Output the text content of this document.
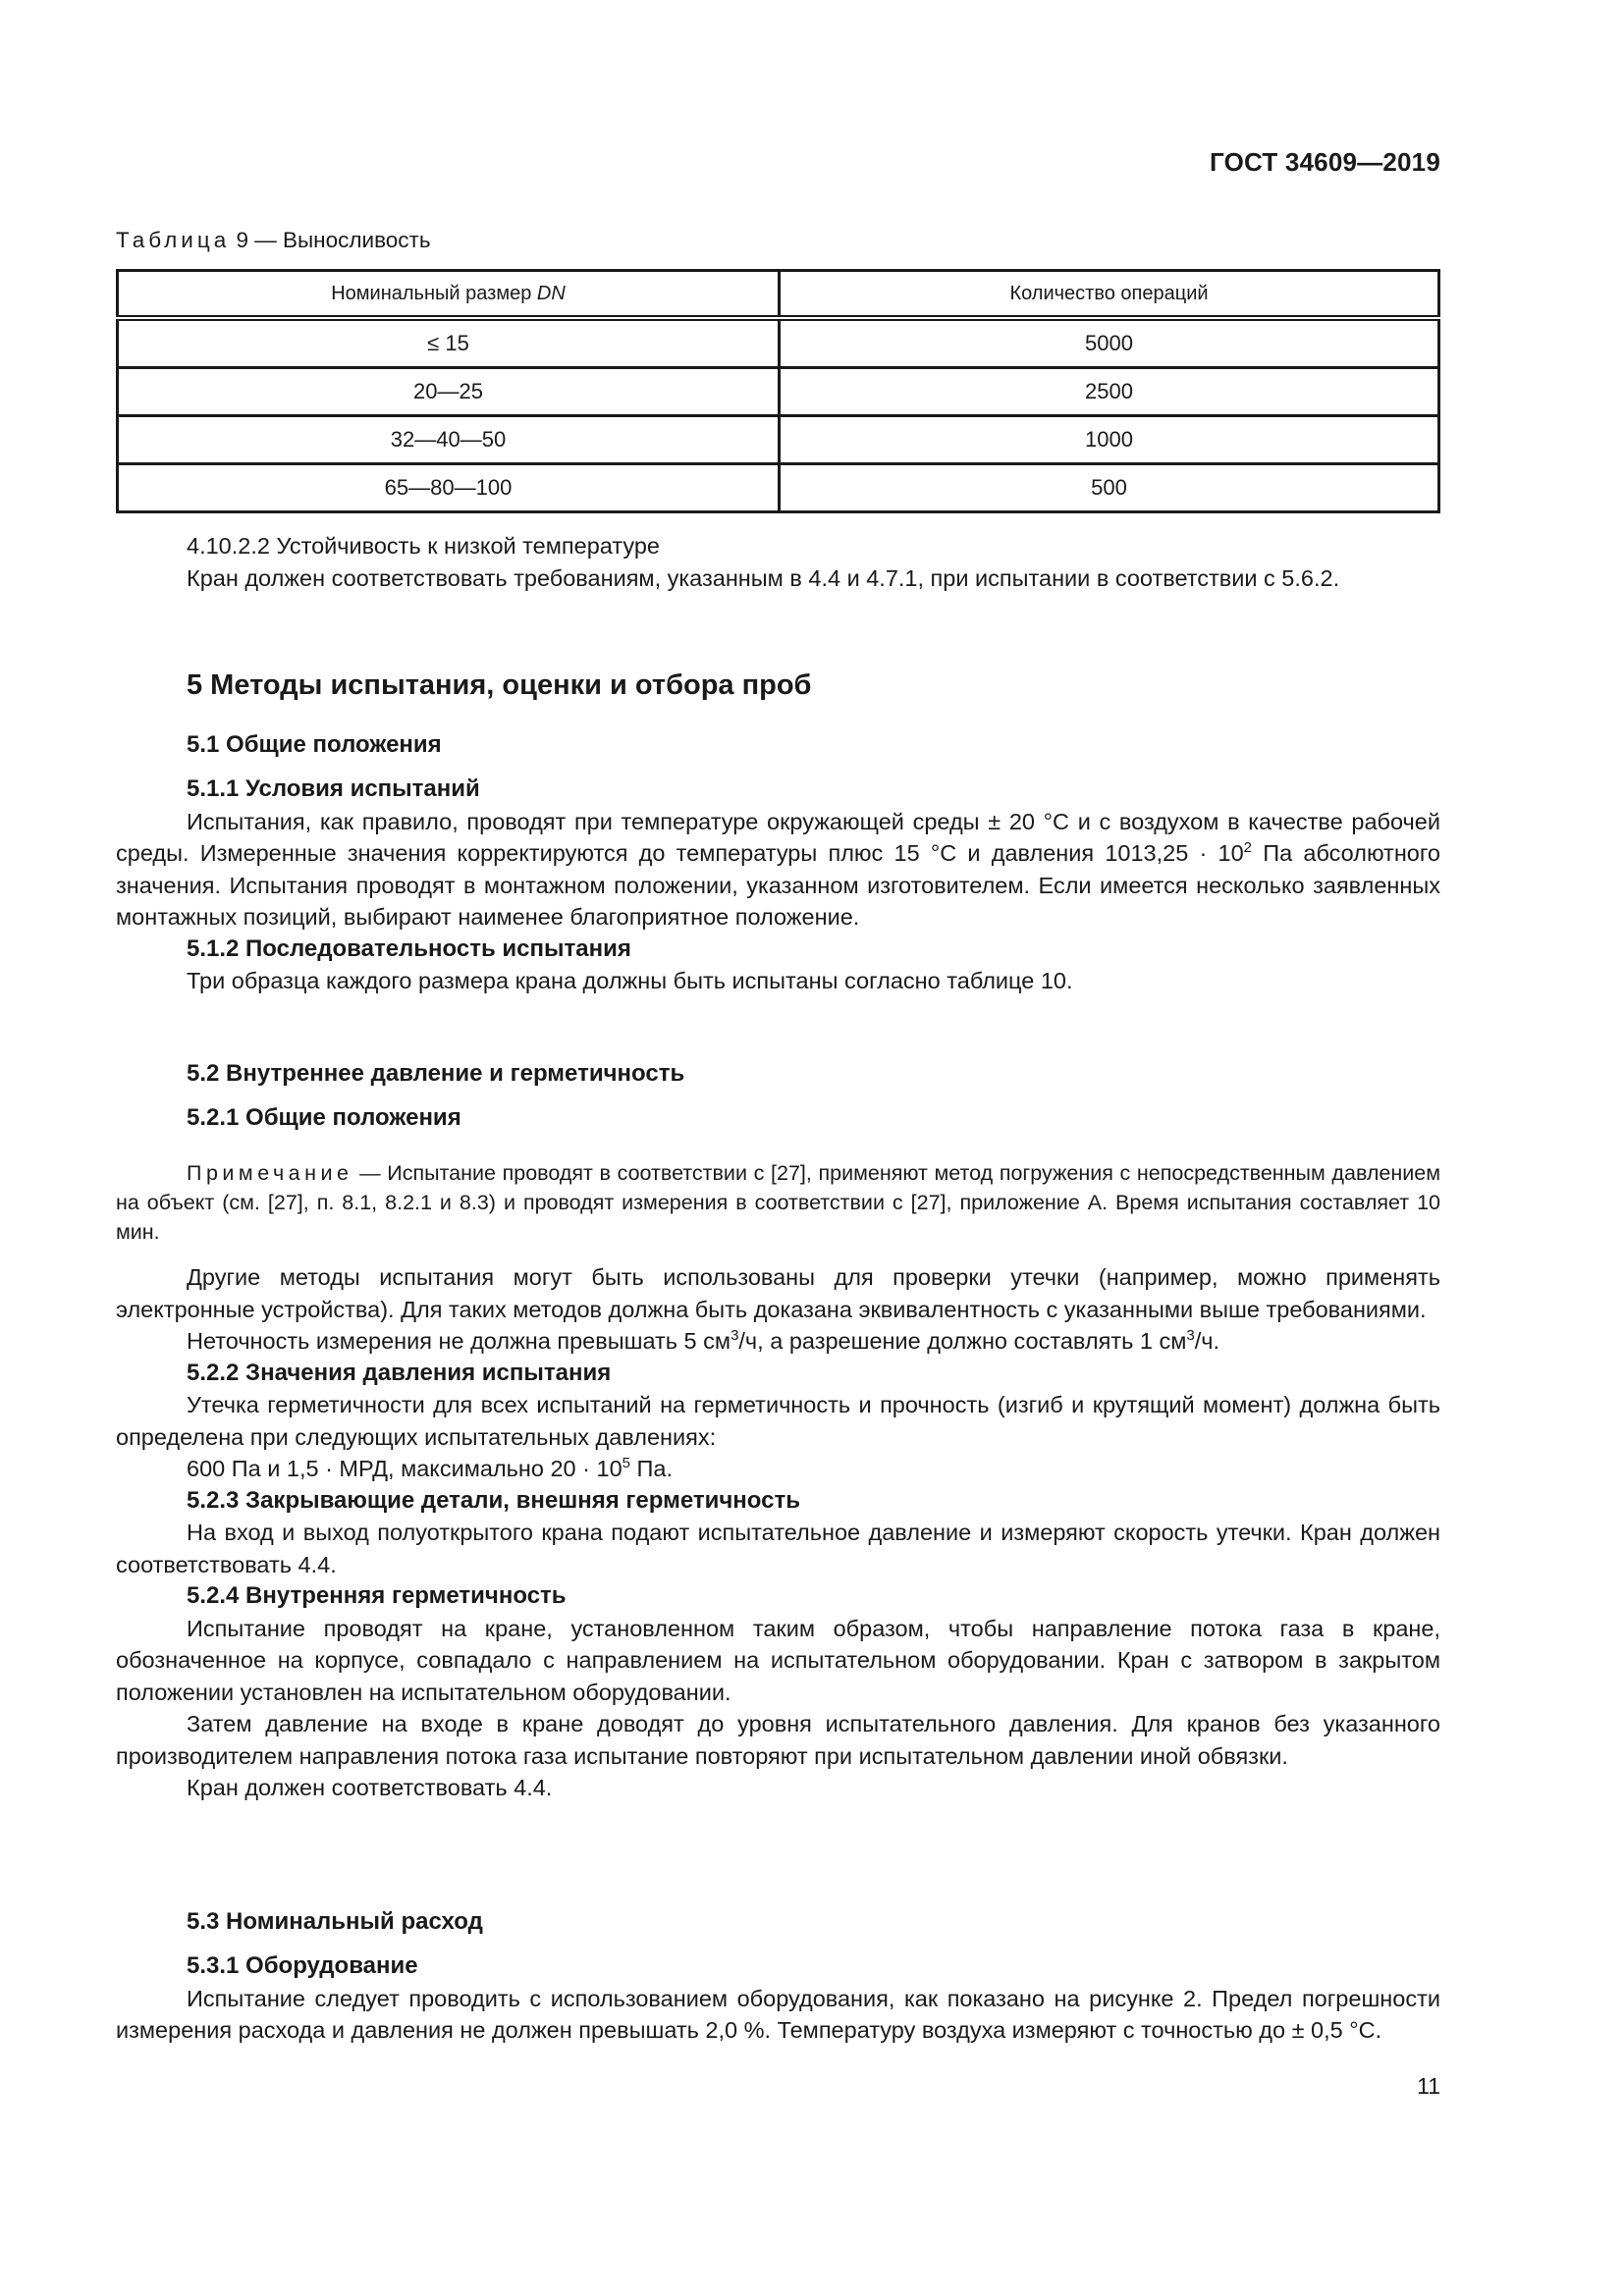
ГОСТ 34609—2019
Таблица 9 — Выносливость
Номинальный размер DN	Количество операций
≤ 15	5000
20—25	2500
32—40—50	1000
65—80—100	500

4.10.2.2 Устойчивость к низкой температуре

Кран должен соответствовать требованиям, указанным в 4.4 и 4.7.1, при испытании в соответствии с 5.6.2.

5 Методы испытания, оценки и отбора проб

5.1 Общие положения

5.1.1 Условия испытаний

Испытания, как правило, проводят при температуре окружающей среды ± 20 °С и с воздухом в качестве рабочей среды. Измеренные значения корректируются до температуры плюс 15 °С и давления $1013,25 \cdot 10^2$ Па абсолютного значения. Испытания проводят в монтажном положении, указанном изготовителем. Если имеется несколько заявленных монтажных позиций, выбирают наименее благоприятное положение.

5.1.2 Последовательность испытания

Три образца каждого размера крана должны быть испытаны согласно таблице 10.

5.2 Внутреннее давление и герметичность

5.2.1 Общие положения

Примечание — Испытание проводят в соответствии с [27], применяют метод погружения с непосредственным давлением на объект (см. [27], п. 8.1, 8.2.1 и 8.3) и проводят измерения в соответствии с [27], приложение А. Время испытания составляет 10 мин.

Другие методы испытания могут быть использованы для проверки утечки (например, можно применять электронные устройства). Для таких методов должна быть доказана эквивалентность с указанными выше требованиями.

Неточность измерения не должна превышать 5 $см^3/ч$, а разрешение должно составлять 1 $см^3/ч$.

5.2.2 Значения давления испытания

Утечка герметичности для всех испытаний на герметичность и прочность (изгиб и крутящий момент) должна быть определена при следующих испытательных давлениях:

600 Па и 1,5 · МРД, максимально $20 \cdot 10^5$ Па.

5.2.3 Закрывающие детали, внешняя герметичность

На вход и выход полуоткрытого крана подают испытательное давление и измеряют скорость утечки. Кран должен соответствовать 4.4.

5.2.4 Внутренняя герметичность

Испытание проводят на кране, установленном таким образом, чтобы направление потока газа в кране, обозначенное на корпусе, совпадало с направлением на испытательном оборудовании. Кран с затвором в закрытом положении установлен на испытательном оборудовании.

Затем давление на входе в кране доводят до уровня испытательного давления. Для кранов без указанного производителем направления потока газа испытание повторяют при испытательном давлении иной обвязки.

Кран должен соответствовать 4.4.

5.3 Номинальный расход

5.3.1 Оборудование

Испытание следует проводить с использованием оборудования, как показано на рисунке 2. Предел погрешности измерения расхода и давления не должен превышать 2,0 %. Температуру воздуха измеряют с точностью до ± 0,5 °С.

11
